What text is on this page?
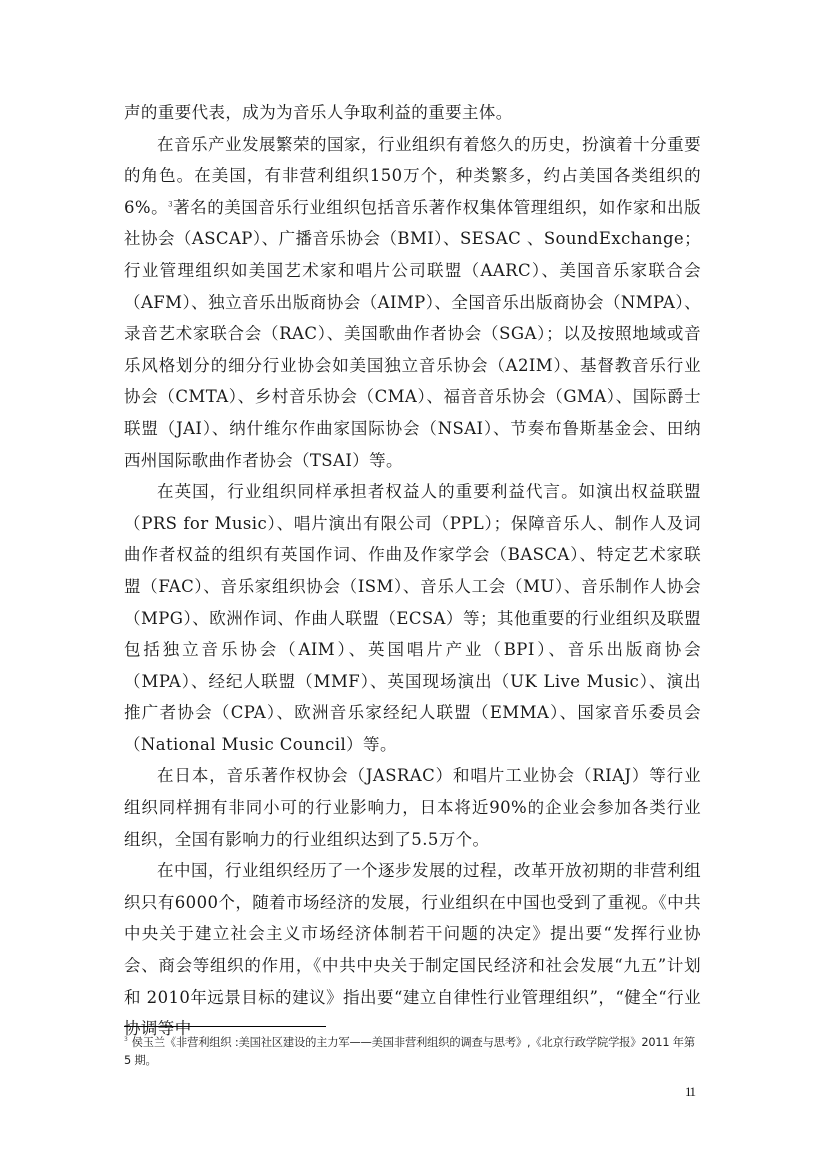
声的重要代表，成为为音乐人争取利益的重要主体。

在音乐产业发展繁荣的国家，行业组织有着悠久的历史，扮演着十分重要的角色。在美国，有非营利组织150万个，种类繁多，约占美国各类组织的6%。$^3$著名的美国音乐行业组织包括音乐著作权集体管理组织，如作家和出版社协会（ASCAP）、广播音乐协会（BMI）、SESAC 、SoundExchange；行业管理组织如美国艺术家和唱片公司联盟（AARC）、美国音乐家联合会（AFM）、独立音乐出版商协会（AIMP）、全国音乐出版商协会（NMPA）、录音艺术家联合会（RAC）、美国歌曲作者协会（SGA）；以及按照地域或音乐风格划分的细分行业协会如美国独立音乐协会（A2IM）、基督教音乐行业协会（CMTA）、乡村音乐协会（CMA）、福音音乐协会（GMA）、国际爵士联盟（JAI）、纳什维尔作曲家国际协会（NSAI）、节奏布鲁斯基金会、田纳西州国际歌曲作者协会（TSAI）等。

在英国，行业组织同样承担者权益人的重要利益代言。如演出权益联盟（PRS for Music）、唱片演出有限公司（PPL）；保障音乐人、制作人及词曲作者权益的组织有英国作词、作曲及作家学会（BASCA）、特定艺术家联盟（FAC）、音乐家组织协会（ISM）、音乐人工会（MU）、音乐制作人协会（MPG）、欧洲作词、作曲人联盟（ECSA）等；其他重要的行业组织及联盟包括独立音乐协会（AIM）、英国唱片产业（BPI）、音乐出版商协会（MPA）、经纪人联盟（MMF）、英国现场演出（UK Live Music）、演出推广者协会（CPA）、欧洲音乐家经纪人联盟（EMMA）、国家音乐委员会（National Music Council）等。

在日本，音乐著作权协会（JASRAC）和唱片工业协会（RIAJ）等行业组织同样拥有非同小可的行业影响力，日本将近90%的企业会参加各类行业组织，全国有影响力的行业组织达到了5.5万个。

在中国，行业组织经历了一个逐步发展的过程，改革开放初期的非营利组织只有6000个，随着市场经济的发展，行业组织在中国也受到了重视。《中共中央关于建立社会主义市场经济体制若干问题的决定》提出要“发挥行业协会、商会等组织的作用，《中共中央关于制定国民经济和社会发展“九五”计划和 2010年远景目标的建议》指出要“建立自律性行业管理组织”，“健全“行业协调等中

$^3$ 侯玉兰《非营利组织 :美国社区建设的主力军——美国非营利组织的调查与思考》,《北京行政学院学报》2011 年第 5 期。
11
